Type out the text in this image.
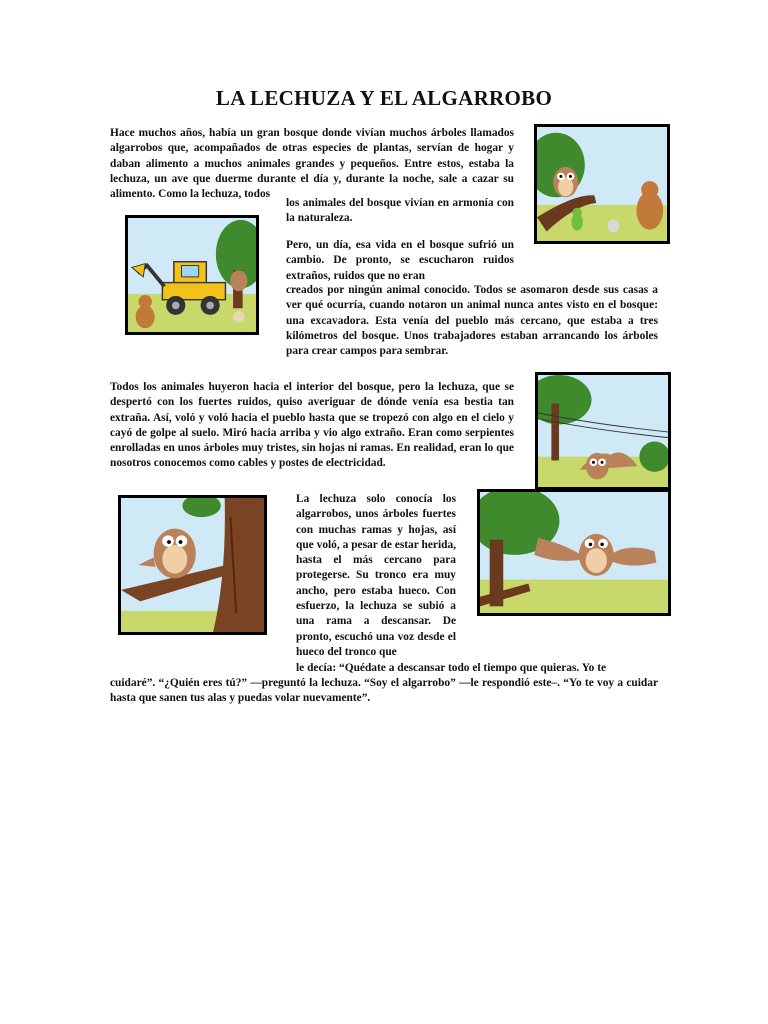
LA LECHUZA Y EL ALGARROBO
Hace muchos años, había un gran bosque donde vivían muchos árboles llamados algarrobos que, acompañados de otras especies de plantas, servían de hogar y daban alimento a muchos animales grandes y pequeños. Entre estos, estaba la lechuza, un ave que duerme durante el día y, durante la noche, sale a cazar su alimento. Como la lechuza, todos
los animales del bosque vivían en armonía con la naturaleza.
Pero, un día, esa vida en el bosque sufrió un cambio. De pronto, se escucharon ruidos extraños, ruidos que no eran
creados por ningún animal conocido. Todos se asomaron desde sus casas a ver qué ocurría, cuando notaron un animal nunca antes visto en el bosque: una excavadora. Esta venía del pueblo más cercano, que estaba a tres kilómetros del bosque. Unos trabajadores estaban arrancando los árboles para crear campos para sembrar.
Todos los animales huyeron hacia el interior del bosque, pero la lechuza, que se despertó con los fuertes ruidos, quiso averiguar de dónde venía esa bestia tan extraña. Así, voló y voló hacia el pueblo hasta que se tropezó con algo en el cielo y cayó de golpe al suelo. Miró hacia arriba y vio algo extraño. Eran como serpientes enrolladas en unos árboles muy tristes, sin hojas ni ramas. En realidad, eran lo que nosotros conocemos como cables y postes de electricidad.
La lechuza solo conocía los algarrobos, unos árboles fuertes con muchas ramas y hojas, así que voló, a pesar de estar herida, hasta el más cercano para protegerse. Su tronco era muy ancho, pero estaba hueco. Con esfuerzo, la lechuza se subió a una rama a descansar. De pronto, escuchó una voz desde el hueco del tronco que
le decía: “Quédate a descansar todo el tiempo que quieras. Yo te
cuidaré”. “¿Quién eres tú?” —preguntó la lechuza. “Soy el algarrobo” —le respondió este–. “Yo te voy a cuidar hasta que sanen tus alas y puedas volar nuevamente”.
